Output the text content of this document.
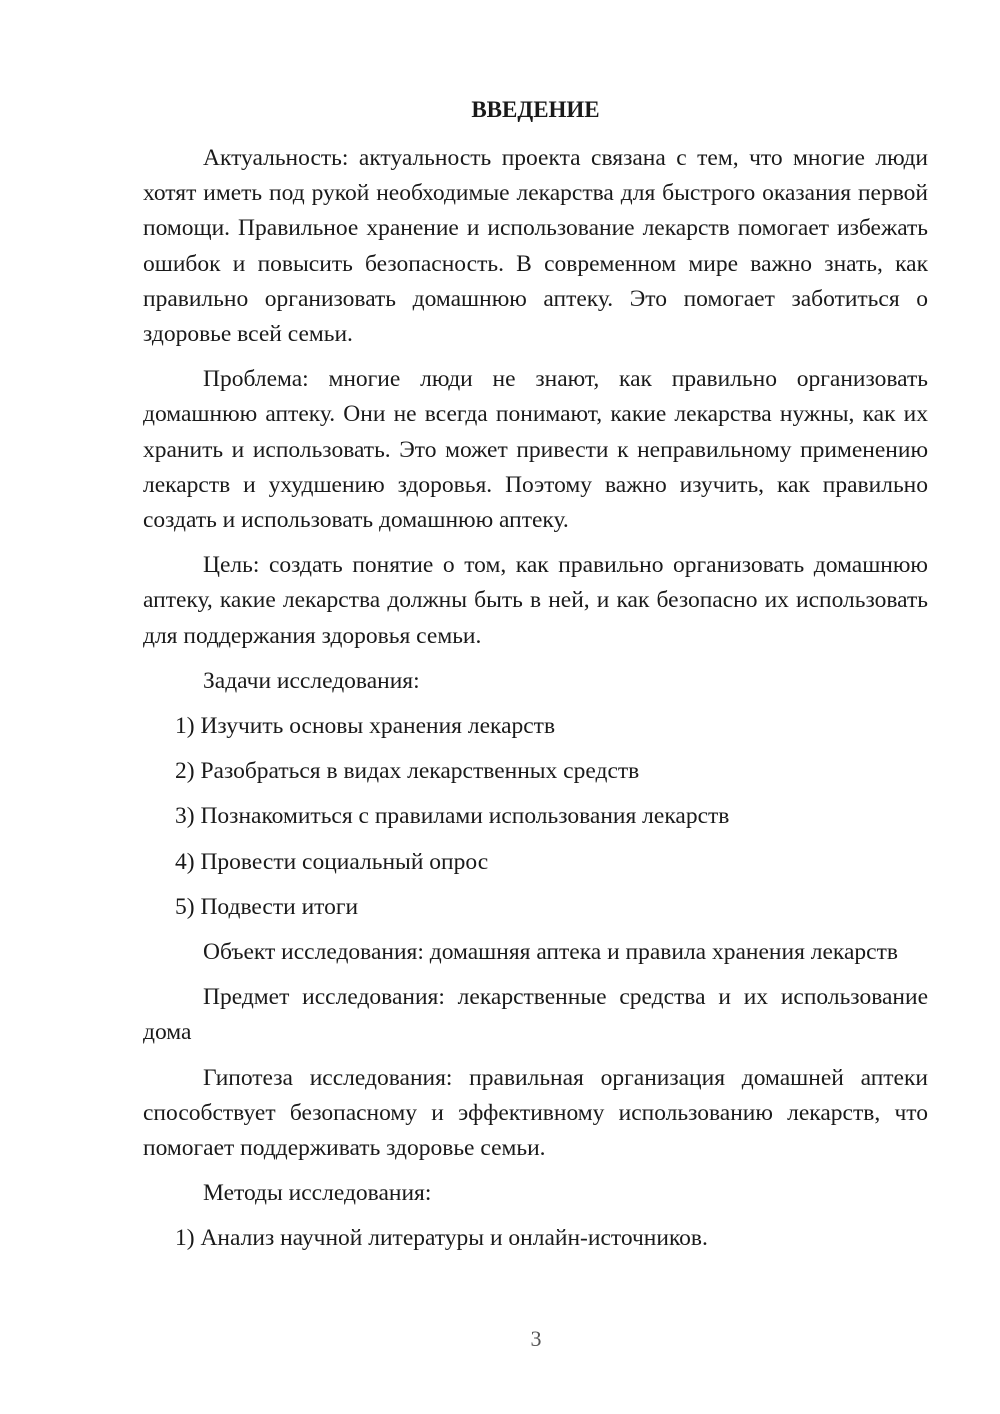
ВВЕДЕНИЕ
Актуальность: актуальность проекта связана с тем, что многие люди хотят иметь под рукой необходимые лекарства для быстрого оказания первой помощи. Правильное хранение и использование лекарств помогает избежать ошибок и повысить безопасность. В современном мире важно знать, как правильно организовать домашнюю аптеку. Это помогает заботиться о здоровье всей семьи.
Проблема: многие люди не знают, как правильно организовать домашнюю аптеку. Они не всегда понимают, какие лекарства нужны, как их хранить и использовать. Это может привести к неправильному применению лекарств и ухудшению здоровья. Поэтому важно изучить, как правильно создать и использовать домашнюю аптеку.
Цель: создать понятие о том, как правильно организовать домашнюю аптеку, какие лекарства должны быть в ней, и как безопасно их использовать для поддержания здоровья семьи.
Задачи исследования:
1) Изучить основы хранения лекарств
2) Разобраться в видах лекарственных средств
3) Познакомиться с правилами использования лекарств
4) Провести социальный опрос
5) Подвести итоги
Объект исследования: домашняя аптека и правила хранения лекарств
Предмет исследования: лекарственные средства и их использование дома
Гипотеза исследования: правильная организация домашней аптеки способствует безопасному и эффективному использованию лекарств, что помогает поддерживать здоровье семьи.
Методы исследования:
1) Анализ научной литературы и онлайн-источников.
3
